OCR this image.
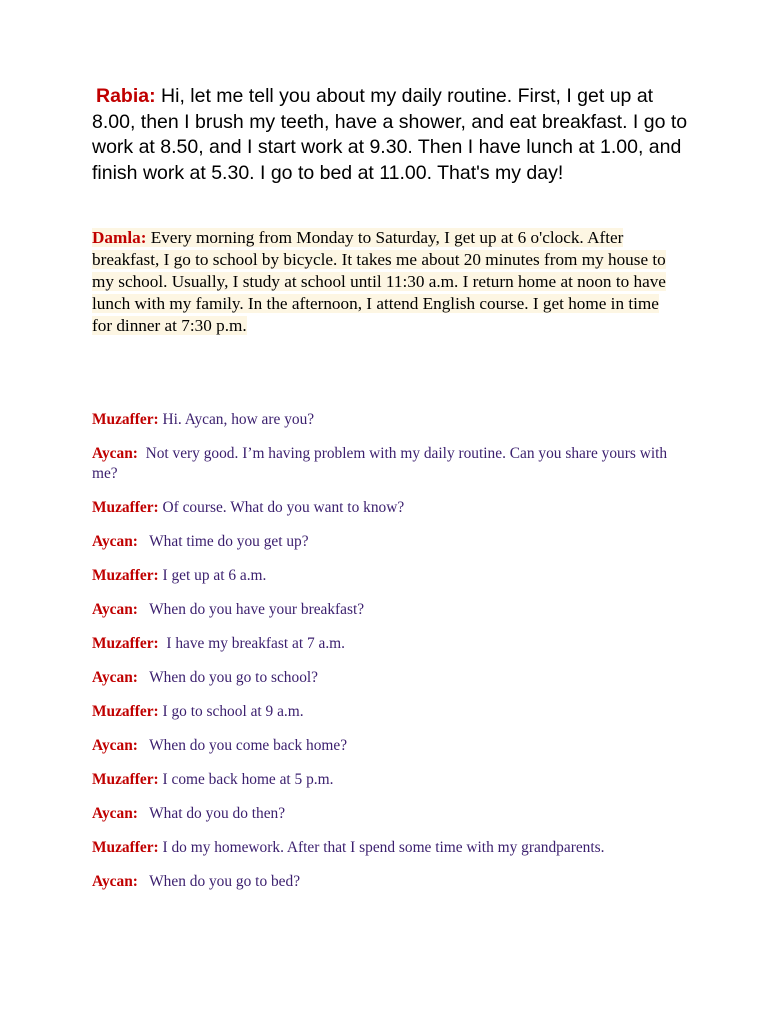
Rabia: Hi, let me tell you about my daily routine. First, I get up at 8.00, then I brush my teeth, have a shower, and eat breakfast. I go to work at 8.50, and I start work at 9.30. Then I have lunch at 1.00, and finish work at 5.30. I go to bed at 11.00. That's my day!

Damla: Every morning from Monday to Saturday, I get up at 6 o'clock. After breakfast, I go to school by bicycle. It takes me about 20 minutes from my house to my school. Usually, I study at school until 11:30 a.m. I return home at noon to have lunch with my family. In the afternoon, I attend English course. I get home in time for dinner at 7:30 p.m.

Muzaffer: Hi. Aycan, how are you?

Aycan: Not very good. I’m having problem with my daily routine. Can you share yours with me?

Muzaffer: Of course. What do you want to know?

Aycan: What time do you get up?

Muzaffer: I get up at 6 a.m.

Aycan: When do you have your breakfast?

Muzaffer: I have my breakfast at 7 a.m.

Aycan: When do you go to school?

Muzaffer: I go to school at 9 a.m.

Aycan: When do you come back home?

Muzaffer: I come back home at 5 p.m.

Aycan: What do you do then?

Muzaffer: I do my homework. After that I spend some time with my grandparents.

Aycan: When do you go to bed?
